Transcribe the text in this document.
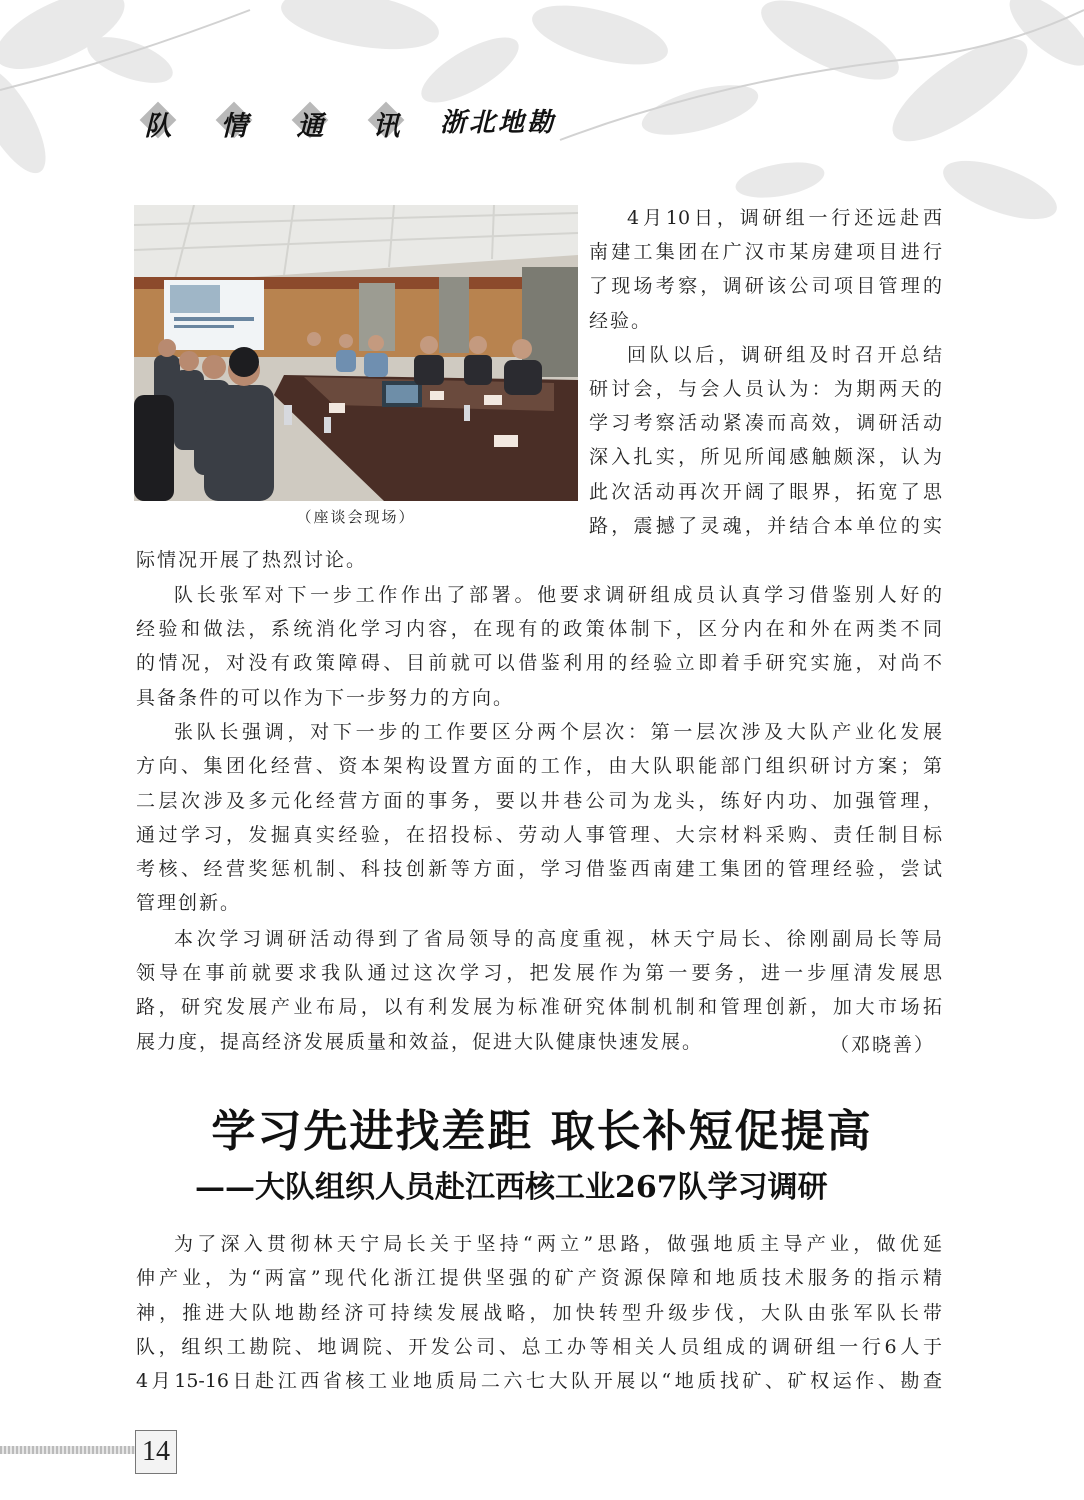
队 情 通 讯 浙北地勘
（座谈会现场）
4月10日，调研组一行还远赴西
南建工集团在广汉市某房建项目进行
了现场考察，调研该公司项目管理的
经验。
回队以后，调研组及时召开总结
研讨会，与会人员认为：为期两天的
学习考察活动紧凑而高效，调研活动
深入扎实，所见所闻感触颇深，认为
此次活动再次开阔了眼界，拓宽了思
路，震撼了灵魂，并结合本单位的实
际情况开展了热烈讨论。
队长张军对下一步工作作出了部署。他要求调研组成员认真学习借鉴别人好的
经验和做法，系统消化学习内容，在现有的政策体制下，区分内在和外在两类不同
的情况，对没有政策障碍、目前就可以借鉴利用的经验立即着手研究实施，对尚不
具备条件的可以作为下一步努力的方向。
张队长强调，对下一步的工作要区分两个层次：第一层次涉及大队产业化发展
方向、集团化经营、资本架构设置方面的工作，由大队职能部门组织研讨方案；第
二层次涉及多元化经营方面的事务，要以井巷公司为龙头，练好内功、加强管理，
通过学习，发掘真实经验，在招投标、劳动人事管理、大宗材料采购、责任制目标
考核、经营奖惩机制、科技创新等方面，学习借鉴西南建工集团的管理经验，尝试
管理创新。
本次学习调研活动得到了省局领导的高度重视，林天宁局长、徐刚副局长等局
领导在事前就要求我队通过这次学习，把发展作为第一要务，进一步厘清发展思
路，研究发展产业布局，以有利发展为标准研究体制机制和管理创新，加大市场拓
展力度，提高经济发展质量和效益，促进大队健康快速发展。	（邓晓善）
学习先进找差距 取长补短促提高
——大队组织人员赴江西核工业267队学习调研
为了深入贯彻林天宁局长关于坚持“两立”思路，做强地质主导产业，做优延
伸产业，为“两富”现代化浙江提供坚强的矿产资源保障和地质技术服务的指示精
神，推进大队地勘经济可持续发展战略，加快转型升级步伐，大队由张军队长带
队，组织工勘院、地调院、开发公司、总工办等相关人员组成的调研组一行6人于
4月15-16日赴江西省核工业地质局二六七大队开展以“地质找矿、矿权运作、勘查
14
